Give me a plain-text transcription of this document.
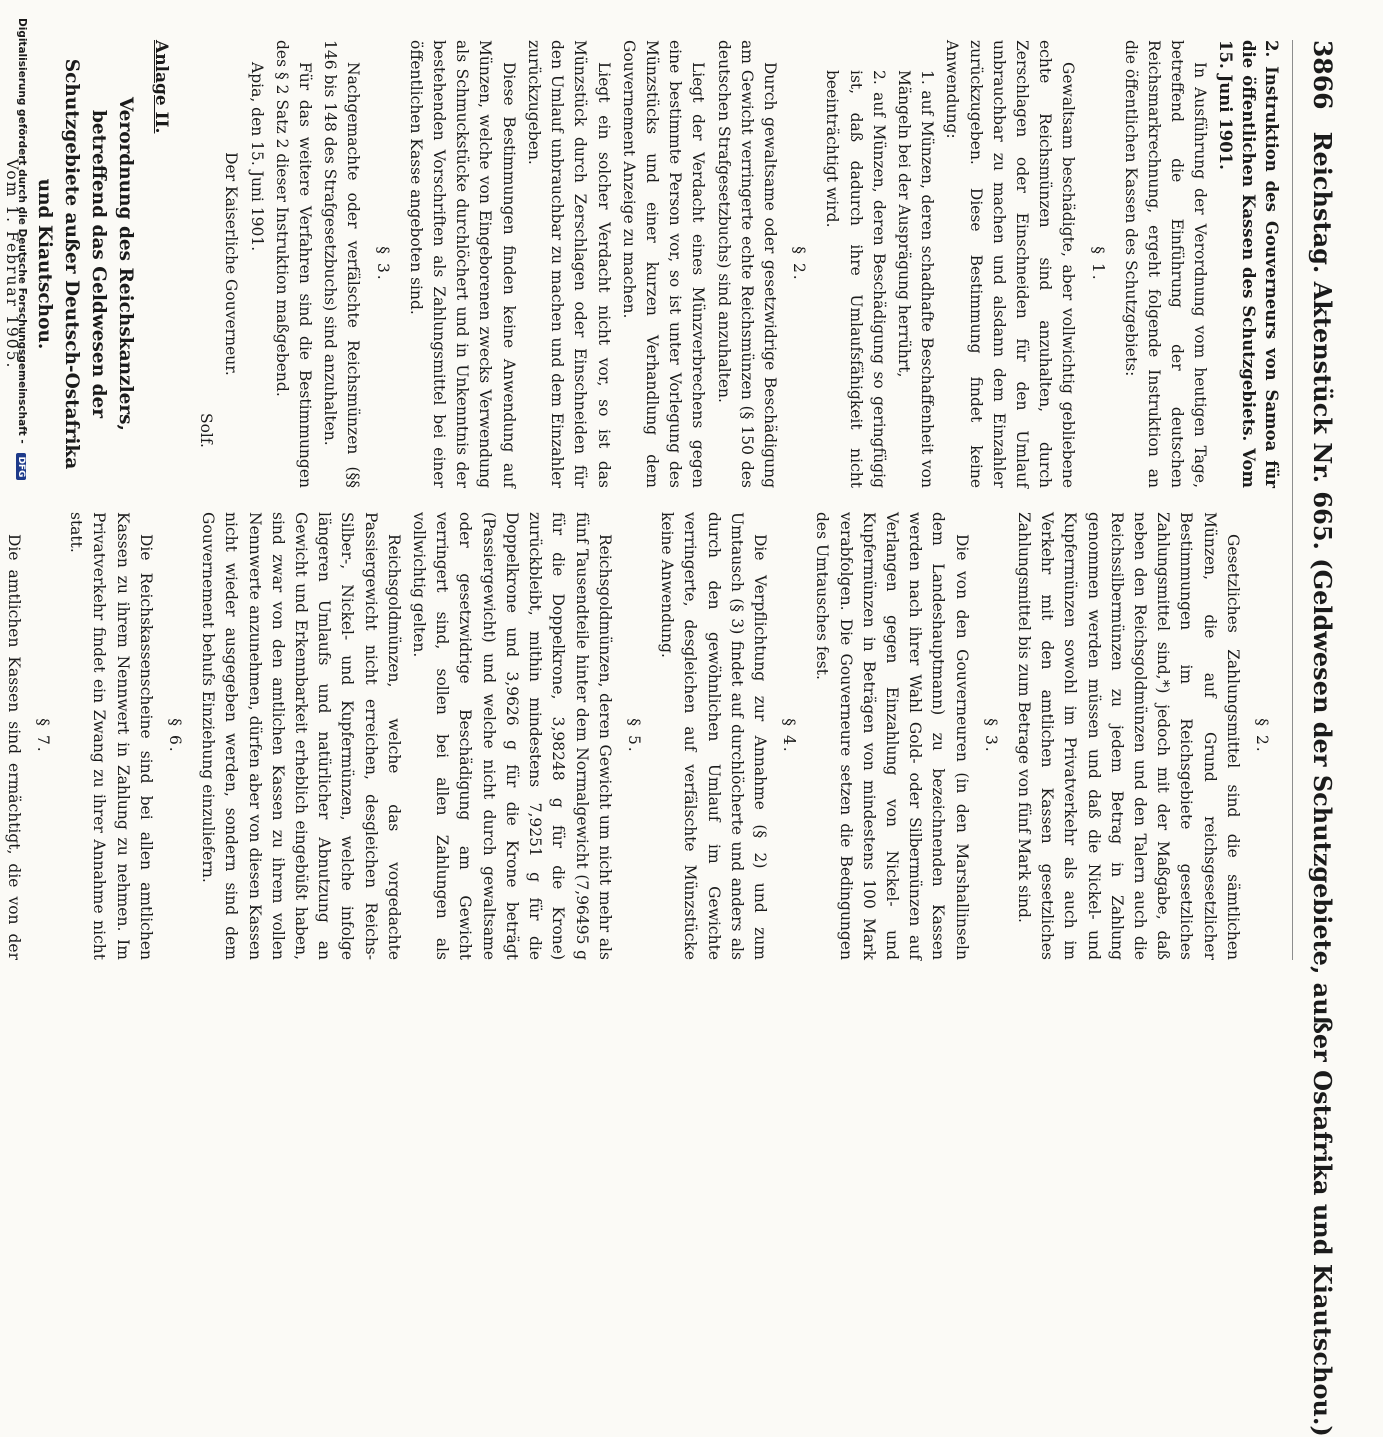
Digitalisierung gefördert durch die Deutsche Forschungsgemeinschaft - DFG
3866
Reichstag. Aktenstück Nr. 665. (Geldwesen der Schutzgebiete, außer Ostafrika und Kiautschou.)

2. Instruktion des Gouverneurs von Samoa für die öffentlichen Kassen des Schutzgebiets. Vom 15. Juni 1901.

In Ausführung der Verordnung vom heutigen Tage, betreffend die Einführung der deutschen Reichsmarkrechnung, ergeht folgende Instruktion an die öffentlichen Kassen des Schutzgebiets:

§ 1.

Gewaltsam beschädigte, aber vollwichtig gebliebene echte Reichsmünzen sind anzuhalten, durch Zerschlagen oder Einschneiden für den Umlauf unbrauchbar zu machen und alsdann dem Einzahler zurückzugeben. Diese Bestimmung findet keine Anwendung:

1. auf Münzen, deren schadhafte Beschaffenheit von Mängeln bei der Ausprägung herrührt,

2. auf Münzen, deren Beschädigung so geringfügig ist, daß dadurch ihre Umlaufsfähigkeit nicht beeinträchtigt wird.

§ 2.

Durch gewaltsame oder gesetzwidrige Beschädigung am Gewicht verringerte echte Reichsmünzen (§ 150 des deutschen Strafgesetzbuchs) sind anzuhalten.

Liegt der Verdacht eines Münzverbrechens gegen eine bestimmte Person vor, so ist unter Vorlegung des Münzstücks und einer kurzen Verhandlung dem Gouvernement Anzeige zu machen.

Liegt ein solcher Verdacht nicht vor, so ist das Münzstück durch Zerschlagen oder Einschneiden für den Umlauf unbrauchbar zu machen und dem Einzahler zurückzugeben.

Diese Bestimmungen finden keine Anwendung auf Münzen, welche von Eingeborenen zwecks Verwendung als Schmuckstücke durchlöchert und in Unkenntnis der bestehenden Vorschriften als Zahlungsmittel bei einer öffentlichen Kasse angeboten sind.

§ 3.

Nachgemachte oder verfälschte Reichsmünzen (§§ 146 bis 148 des Strafgesetzbuchs) sind anzuhalten.

Für das weitere Verfahren sind die Bestimmungen des § 2 Satz 2 dieser Instruktion maßgebend.

Apia, den 15. Juni 1901.

Der Kaiserliche Gouverneur.

Solf.

Anlage II.

Verordnung des Reichskanzlers, betreffend das Geldwesen der Schutzgebiete außer Deutsch-Ostafrika und Kiautschou.

Vom 1. Februar 1905.

§ 2.

Gesetzliches Zahlungsmittel sind die sämtlichen Münzen, die auf Grund reichsgesetzlicher Bestimmungen im Reichsgebiete gesetzliches Zahlungsmittel sind,*) jedoch mit der Maßgabe, daß neben den Reichsgoldmünzen und den Talern auch die Reichssilbermünzen zu jedem Betrag in Zahlung genommen werden müssen und daß die Nickel- und Kupfermünzen sowohl im Privatverkehr als auch im Verkehr mit den amtlichen Kassen gesetzliches Zahlungsmittel bis zum Betrage von fünf Mark sind.

§ 3.

Die von den Gouverneuren (in den Marshallinseln dem Landeshauptmann) zu bezeichnenden Kassen werden nach ihrer Wahl Gold- oder Silbermünzen auf Verlangen gegen Einzahlung von Nickel- und Kupfermünzen in Beträgen von mindestens 100 Mark verabfolgen. Die Gouverneure setzen die Bedingungen des Umtausches fest.

§ 4.

Die Verpflichtung zur Annahme (§ 2) und zum Umtausch (§ 3) findet auf durchlöcherte und anders als durch den gewöhnlichen Umlauf im Gewichte verringerte, desgleichen auf verfälschte Münzstücke keine Anwendung.

§ 5.

Reichsgoldmünzen, deren Gewicht um nicht mehr als fünf Tausendteile hinter dem Normalgewicht (7,96495 g für die Doppelkrone, 3,98248 g für die Krone) zurückbleibt, mithin mindestens 7,9251 g für die Doppelkrone und 3,9626 g für die Krone beträgt (Passiergewicht) und welche nicht durch gewaltsame oder gesetzwidrige Beschädigung am Gewicht verringert sind, sollen bei allen Zahlungen als vollwichtig gelten.

Reichsgoldmünzen, welche das vorgedachte Passiergewicht nicht erreichen, desgleichen Reichs-Silber-, Nickel- und Kupfermünzen, welche infolge längeren Umlaufs und natürlicher Abnutzung an Gewicht und Erkennbarkeit erheblich eingebüßt haben, sind zwar von den amtlichen Kassen zu ihrem vollen Nennwerte anzunehmen, dürfen aber von diesen Kassen nicht wieder ausgegeben werden, sondern sind dem Gouvernement behufs Einziehung einzuliefern.

§ 6.

Die Reichskassenscheine sind bei allen amtlichen Kassen zu ihrem Nennwert in Zahlung zu nehmen. Im Privatverkehr findet ein Zwang zu ihrer Annahme nicht statt.

§ 7.

Die amtlichen Kassen sind ermächtigt, die von der
